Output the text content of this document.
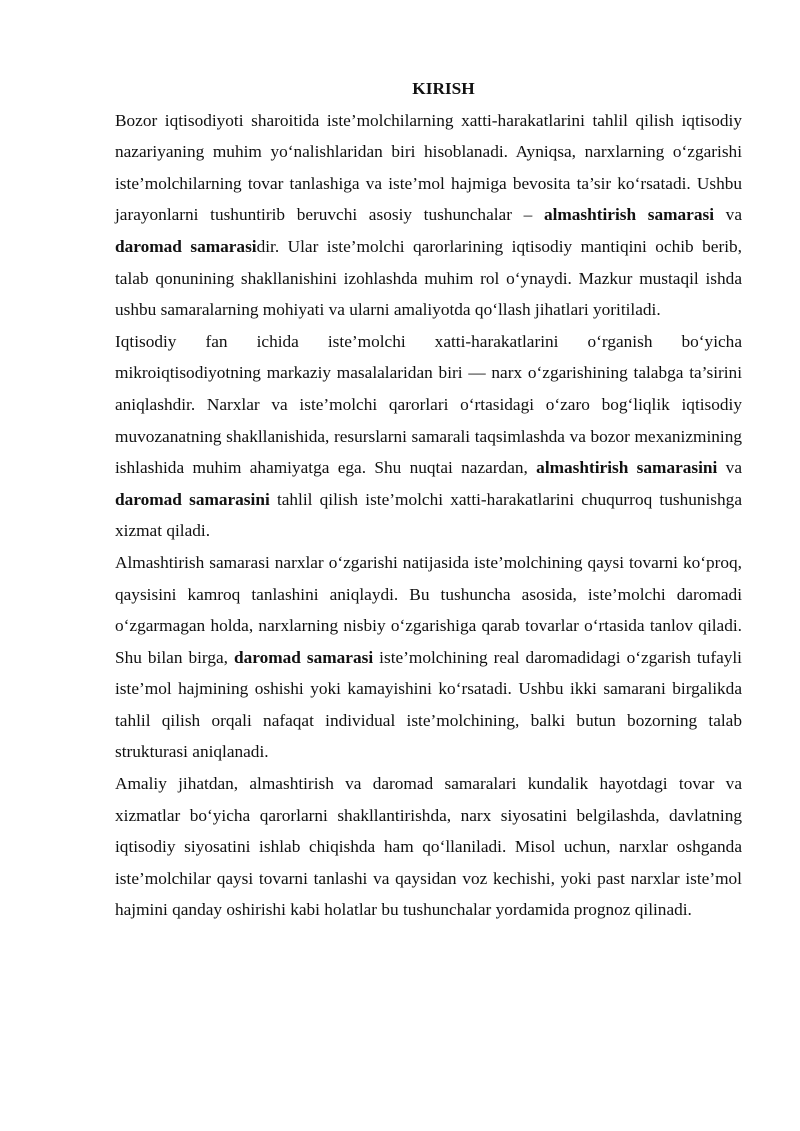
KIRISH

Bozor iqtisodiyoti sharoitida iste’molchilarning xatti-harakatlarini tahlil qilish iqtisodiy nazariyaning muhim yo‘nalishlaridan biri hisoblanadi. Ayniqsa, narxlarning o‘zgarishi iste’molchilarning tovar tanlashiga va iste’mol hajmiga bevosita ta’sir ko‘rsatadi. Ushbu jarayonlarni tushuntirib beruvchi asosiy tushunchalar – almashtirish samarasi va daromad samarasidir. Ular iste’molchi qarorlarining iqtisodiy mantiqini ochib berib, talab qonunining shakllanishini izohlashda muhim rol o‘ynaydi. Mazkur mustaqil ishda ushbu samaralarning mohiyati va ularni amaliyotda qo‘llash jihatlari yoritiladi.

Iqtisodiy fan ichida iste’molchi xatti-harakatlarini o‘rganish bo‘yicha mikroiqtisodiyotning markaziy masalalaridan biri — narx o‘zgarishining talabga ta’sirini aniqlashdir. Narxlar va iste’molchi qarorlari o‘rtasidagi o‘zaro bog‘liqlik iqtisodiy muvozanatning shakllanishida, resurslarni samarali taqsimlashda va bozor mexanizmining ishlashida muhim ahamiyatga ega. Shu nuqtai nazardan, almashtirish samarasini va daromad samarasini tahlil qilish iste’molchi xatti-harakatlarini chuqurroq tushunishga xizmat qiladi.

Almashtirish samarasi narxlar o‘zgarishi natijasida iste’molchining qaysi tovarni ko‘proq, qaysisini kamroq tanlashini aniqlaydi. Bu tushuncha asosida, iste’molchi daromadi o‘zgarmagan holda, narxlarning nisbiy o‘zgarishiga qarab tovarlar o‘rtasida tanlov qiladi. Shu bilan birga, daromad samarasi iste’molchining real daromadidagi o‘zgarish tufayli iste’mol hajmining oshishi yoki kamayishini ko‘rsatadi. Ushbu ikki samarani birgalikda tahlil qilish orqali nafaqat individual iste’molchining, balki butun bozorning talab strukturasi aniqlanadi.

Amaliy jihatdan, almashtirish va daromad samaralari kundalik hayotdagi tovar va xizmatlar bo‘yicha qarorlarni shakllantirishda, narx siyosatini belgilashda, davlatning iqtisodiy siyosatini ishlab chiqishda ham qo‘llaniladi. Misol uchun, narxlar oshganda iste’molchilar qaysi tovarni tanlashi va qaysidan voz kechishi, yoki past narxlar iste’mol hajmini qanday oshirishi kabi holatlar bu tushunchalar yordamida prognoz qilinadi.
